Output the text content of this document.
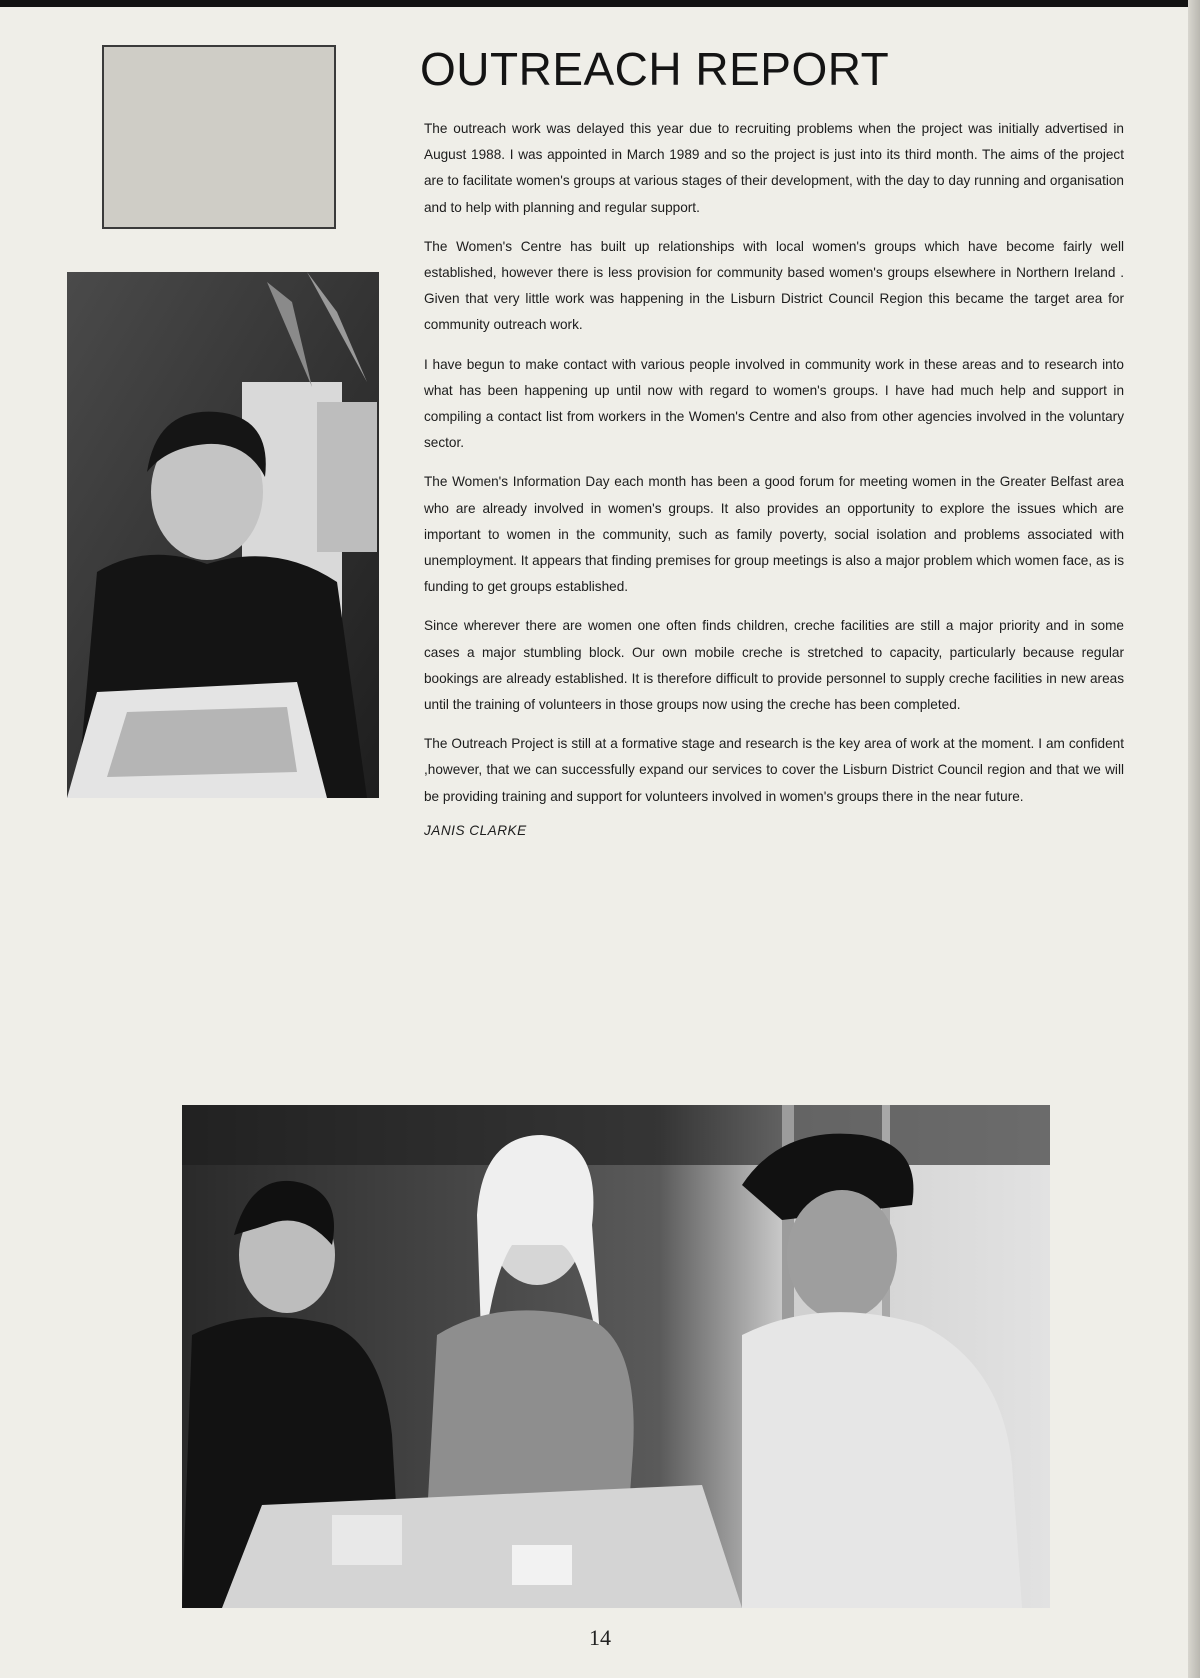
OUTREACH REPORT

The outreach work was delayed this year due to recruiting problems when the project was initially advertised in August 1988. I was appointed in March 1989 and so the project is just into its third month. The aims of the project are to facilitate women's groups at various stages of their development, with the day to day running and organisation and to help with planning and regular support.

The Women's Centre has built up relationships with local women's groups which have become fairly well established, however there is less provision for community based women's groups elsewhere in Northern Ireland . Given that very little work was happening in the Lisburn District Council Region this became the target area for community outreach work.

I have begun to make contact with various people involved in community work in these areas and to research into what has been happening up until now with regard to women's groups. I have had much help and support in compiling a contact list from workers in the Women's Centre and also from other agencies involved in the voluntary sector.

The Women's Information Day each month has been a good forum for meeting women in the Greater Belfast area who are already involved in women's groups. It also provides an opportunity to explore the issues which are important to women in the community, such as family poverty, social isolation and problems associated with unemployment. It appears that finding premises for group meetings is also a major problem which women face, as is funding to get groups established.

Since wherever there are women one often finds children, creche facilities are still a major priority and in some cases a major stumbling block. Our own mobile creche is stretched to capacity, particularly because regular bookings are already established. It is therefore difficult to provide personnel to supply creche facilities in new areas until the training of volunteers in those groups now using the creche has been completed.

The Outreach Project is still at a formative stage and research is the key area of work at the moment. I am confident ,however, that we can successfully expand our services to cover the Lisburn District Council region and that we will be providing training and support for volunteers involved in women's groups there in the near future.

JANIS CLARKE

14
